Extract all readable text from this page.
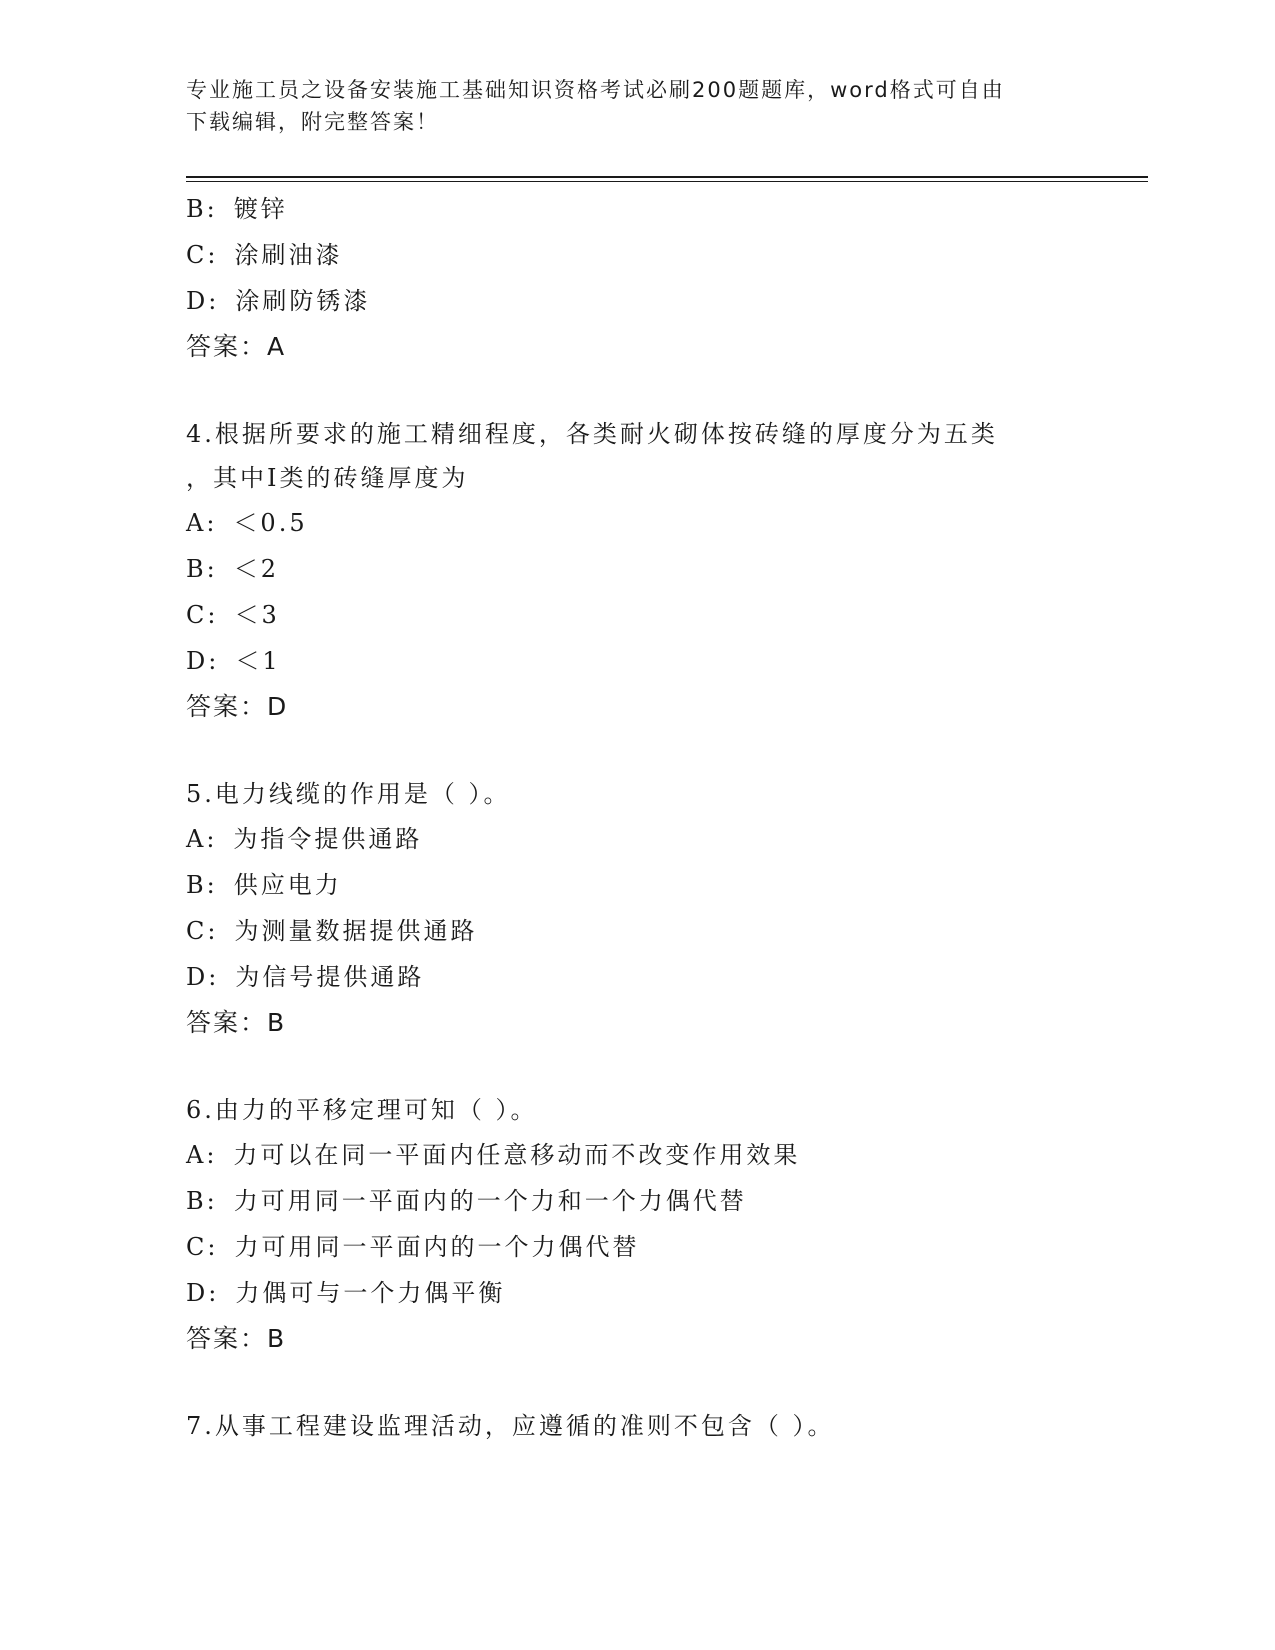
专业施工员之设备安装施工基础知识资格考试必刷200题题库，word格式可自由
下载编辑，附完整答案！
B: 镀锌
C: 涂刷油漆
D: 涂刷防锈漆
答案：A
4.根据所要求的施工精细程度，各类耐火砌体按砖缝的厚度分为五类
，其中Ⅰ类的砖缝厚度为
A: ＜0.5
B: ＜2
C: ＜3
D: ＜1
答案：D
5.电力线缆的作用是（ ）。
A: 为指令提供通路
B: 供应电力
C: 为测量数据提供通路
D: 为信号提供通路
答案：B
6.由力的平移定理可知（ ）。
A: 力可以在同一平面内任意移动而不改变作用效果
B: 力可用同一平面内的一个力和一个力偶代替
C: 力可用同一平面内的一个力偶代替
D: 力偶可与一个力偶平衡
答案：B
7.从事工程建设监理活动，应遵循的准则不包含（ ）。
